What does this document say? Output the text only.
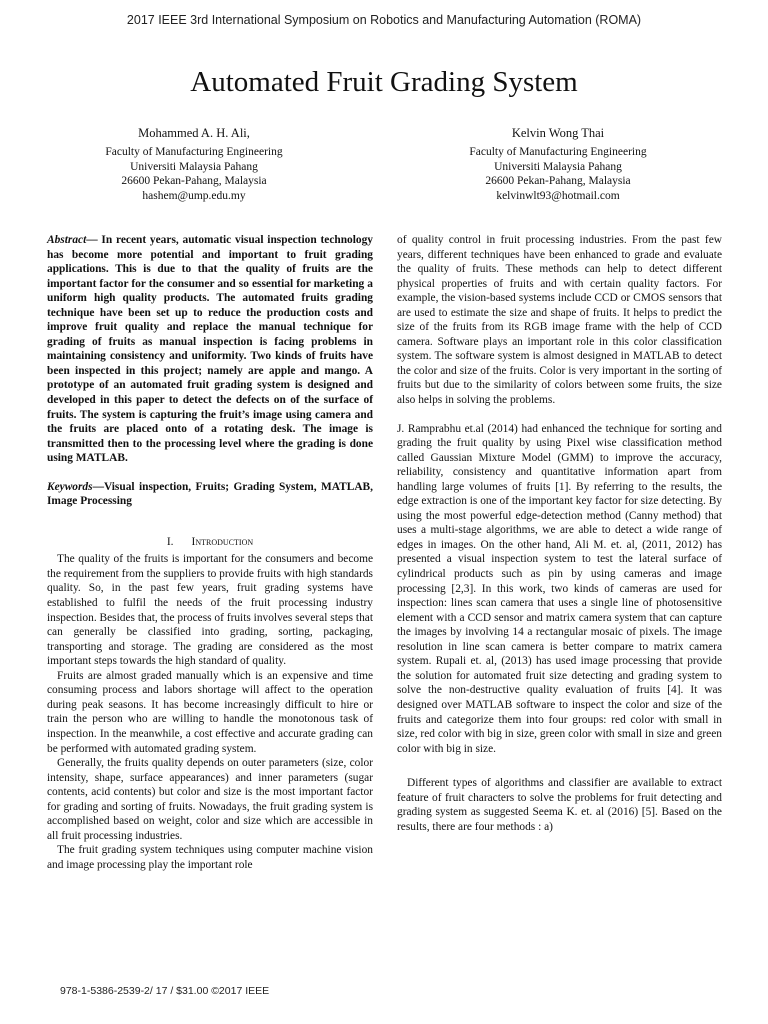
2017 IEEE 3rd International Symposium on Robotics and Manufacturing Automation (ROMA)
Automated Fruit Grading System
Mohammed A. H. Ali,
Faculty of Manufacturing Engineering
Universiti Malaysia Pahang
26600 Pekan-Pahang, Malaysia
hashem@ump.edu.my
Kelvin Wong Thai
Faculty of Manufacturing Engineering
Universiti Malaysia Pahang
26600 Pekan-Pahang, Malaysia
kelvinwlt93@hotmail.com

Abstract— In recent years, automatic visual inspection technology has become more potential and important to fruit grading applications. This is due to that the quality of fruits are the important factor for the consumer and so essential for marketing a uniform high quality products. The automated fruits grading technique have been set up to reduce the production costs and improve fruit quality and replace the manual technique for grading of fruits as manual inspection is facing problems in maintaining consistency and uniformity. Two kinds of fruits have been inspected in this project; namely are apple and mango. A prototype of an automated fruit grading system is designed and developed in this paper to detect the defects on of the surface of fruits. The system is capturing the fruit’s image using camera and the fruits are placed onto of a rotating desk. The image is transmitted then to the processing level where the grading is done using MATLAB.

Keywords—Visual inspection, Fruits; Grading System, MATLAB, Image Processing

I. Introduction

The quality of the fruits is important for the consumers and become the requirement from the suppliers to provide fruits with high standards quality. So, in the past few years, fruit grading systems have established to fulfil the needs of the fruit processing industry inspection. Besides that, the process of fruits involves several steps that can generally be classified into grading, sorting, packaging, transporting and storage. The grading are considered as the most important steps towards the high standard of quality.

Fruits are almost graded manually which is an expensive and time consuming process and labors shortage will affect to the operation during peak seasons. It has become increasingly difficult to hire or train the person who are willing to handle the monotonous task of inspection. In the meanwhile, a cost effective and accurate grading can be performed with automated grading system.

Generally, the fruits quality depends on outer parameters (size, color intensity, shape, surface appearances) and inner parameters (sugar contents, acid contents) but color and size is the most important factor for grading and sorting of fruits. Nowadays, the fruit grading system is accomplished based on weight, color and size which are accessible in all fruit processing industries.

The fruit grading system techniques using computer machine vision and image processing play the important role

of quality control in fruit processing industries. From the past few years, different techniques have been enhanced to grade and evaluate the quality of fruits. These methods can help to detect different physical properties of fruits and with certain quality factors. For example, the vision-based systems include CCD or CMOS sensors that are used to estimate the size and shape of fruits. It helps to predict the size of the fruits from its RGB image frame with the help of CCD camera. Software plays an important role in this color classification system. The software system is almost designed in MATLAB to detect the color and size of the fruits. Color is very important in the sorting of fruits but due to the similarity of colors between some fruits, the size also helps in solving the problems.

J. Ramprabhu et.al (2014) had enhanced the technique for sorting and grading the fruit quality by using Pixel wise classification method called Gaussian Mixture Model (GMM) to improve the accuracy, reliability, consistency and quantitative information apart from handling large volumes of fruits [1]. By referring to the results, the edge extraction is one of the important key factor for size detecting. By using the most powerful edge-detection method (Canny method) that uses a multi-stage algorithms, we are able to detect a wide range of edges in images. On the other hand, Ali M. et. al, (2011, 2012) has presented a visual inspection system to test the lateral surface of cylindrical products such as pin by using cameras and image processing [2,3]. In this work, two kinds of cameras are used for inspection: lines scan camera that uses a single line of photosensitive element with a CCD sensor and matrix camera system that can capture the images by involving 14 a rectangular mosaic of pixels. The image resolution in line scan camera is better compare to matrix camera system. Rupali et. al, (2013) has used image processing that provide the solution for automated fruit size detecting and grading system to solve the non-destructive quality evaluation of fruits [4]. It was designed over MATLAB software to inspect the color and size of the fruits and categorize them into four groups: red color with small in size, red color with big in size, green color with small in size and green color with big in size.

Different types of algorithms and classifier are available to extract feature of fruit characters to solve the problems for fruit detecting and grading system as suggested Seema K. et. al (2016) [5]. Based on the results, there are four methods : a)

978-1-5386-2539-2/ 17 / $31.00 ©2017 IEEE
